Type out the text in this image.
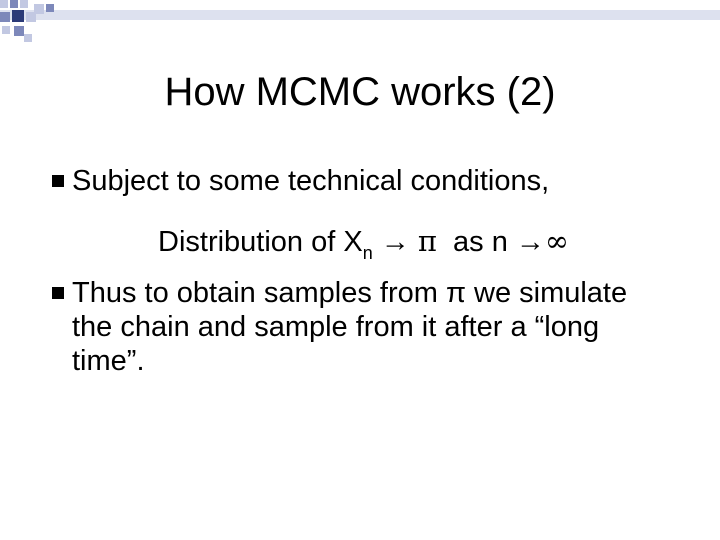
How MCMC works (2)
Subject to some technical conditions,
Distribution of $X_n \to \pi$  as n →∞
Thus to obtain samples from π we simulate
the chain and sample from it after a “long
time”.
